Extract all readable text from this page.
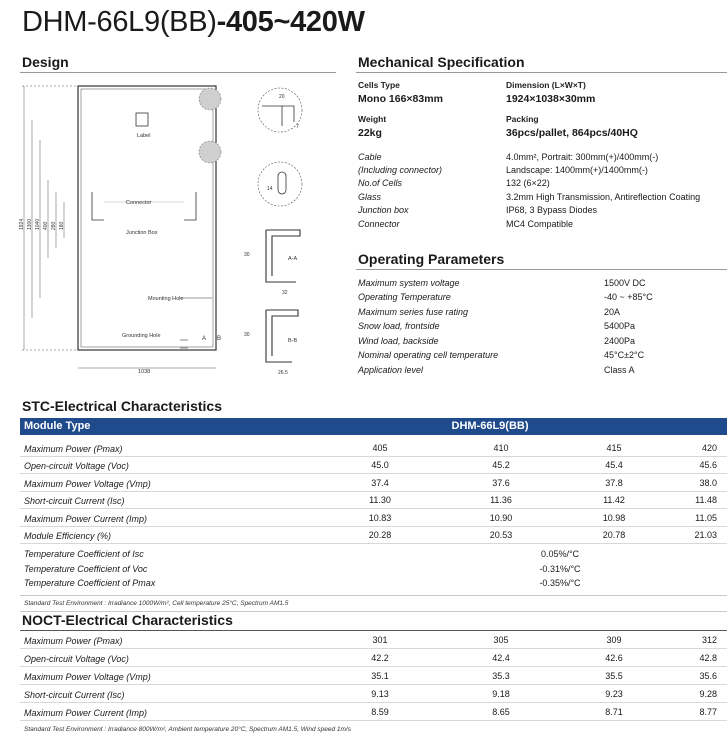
DHM-66L9(BB)-405~420W
Design
Label
Connector
Junction Box
Mounting Hole
Grounding Hole	A B
1924 1300 1040 400 280 180
1038
20
7
14
A-A
30
32
B-B
30
26.5
Mechanical Specification
Cells Type
Mono 166×83mm
Dimension (L×W×T)
1924×1038×30mm
Weight
22kg
Packing
36pcs/pallet, 864pcs/40HQ
Cable	4.0mm², Portrait: 300mm(+)/400mm(-)
(Including connector)	Landscape: 1400mm(+)/1400mm(-)
No.of Cells	132 (6×22)
Glass	3.2mm High Transmission, Antireflection Coating
Junction box	IP68, 3 Bypass Diodes
Connector	MC4 Compatible
Operating Parameters
Maximum system voltage	1500V DC
Operating Temperature	-40 ~ +85°C
Maximum series fuse rating	20A
Snow load, frontside	5400Pa
Wind load, backside	2400Pa
Nominal operating cell temperature	45°C±2°C
Application level	Class A
STC-Electrical Characteristics
Module Type	DHM-66L9(BB)
Maximum Power (Pmax)	405	410	415	420
Open-circuit Voltage (Voc)	45.0	45.2	45.4	45.6
Maximum Power Voltage (Vmp)	37.4	37.6	37.8	38.0
Short-circuit Current (Isc)	11.30	11.36	11.42	11.48
Maximum Power Current (Imp)	10.83	10.90	10.98	11.05
Module Efficiency (%)	20.28	20.53	20.78	21.03
Temperature Coefficient of Isc	0.05%/°C
Temperature Coefficient of Voc	-0.31%/°C
Temperature Coefficient of Pmax	-0.35%/°C
Standard Test Environment : Irradiance 1000W/m², Cell temperature 25°C, Spectrum AM1.5
NOCT-Electrical Characteristics
Maximum Power (Pmax)	301	305	309	312
Open-circuit Voltage (Voc)	42.2	42.4	42.6	42.8
Maximum Power Voltage (Vmp)	35.1	35.3	35.5	35.6
Short-circuit Current (Isc)	9.13	9.18	9.23	9.28
Maximum Power Current (Imp)	8.59	8.65	8.71	8.77
Standard Test Environment : Irradiance 800W/m², Ambient temperature 20°C, Spectrum AM1.5, Wind speed 1m/s
